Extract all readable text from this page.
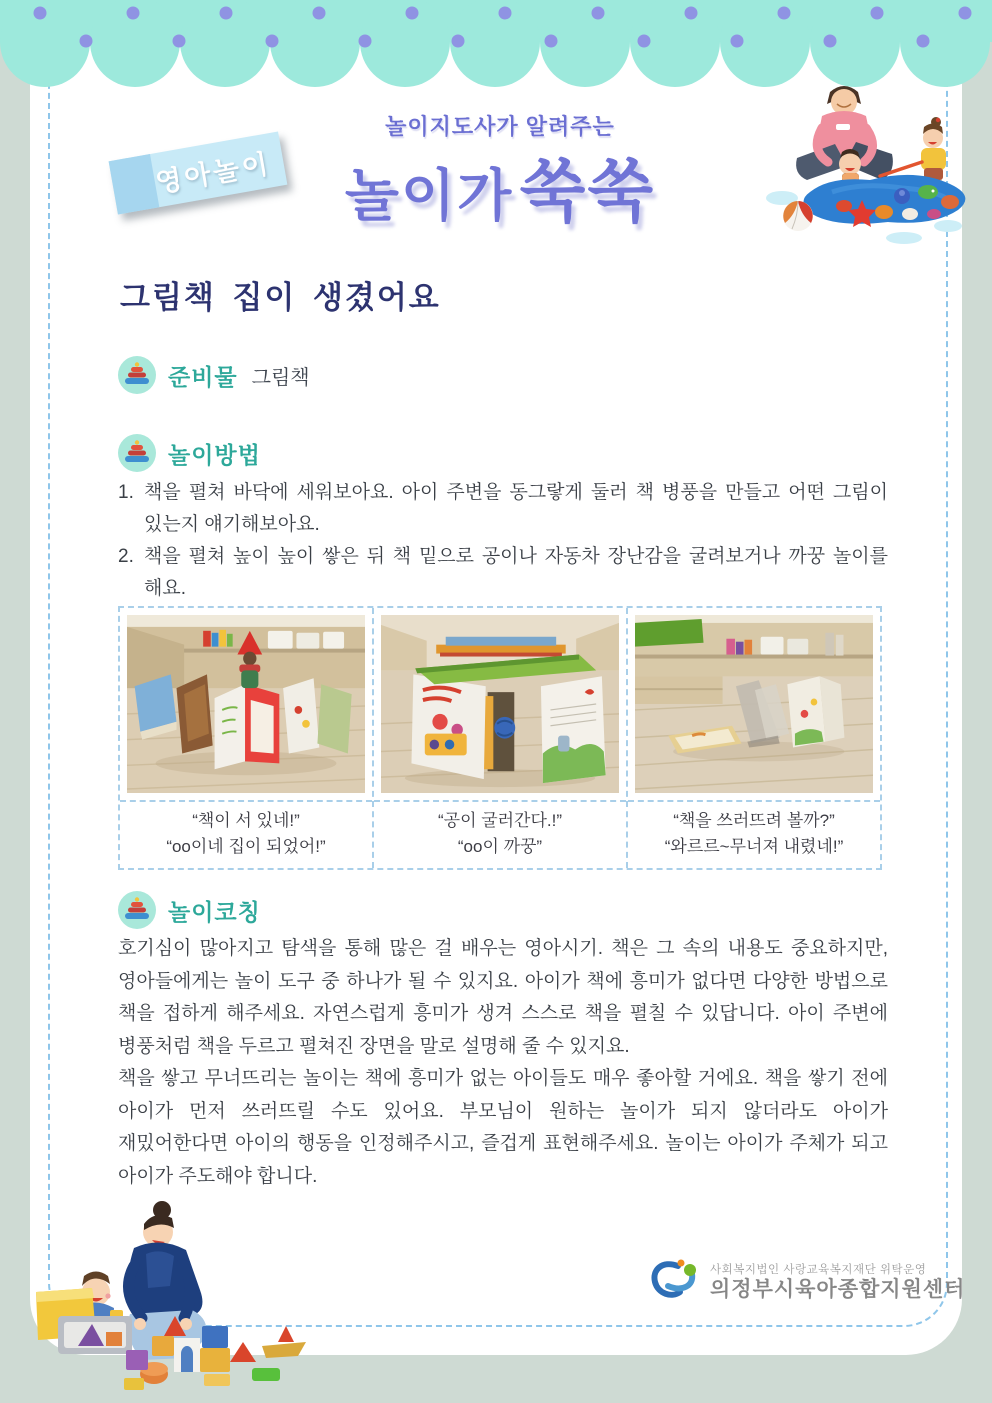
영아놀이
놀이지도사가 알려주는
놀이가 쑥쑥
그림책 집이 생겼어요
준비물 그림책
놀이방법
1. 책을 펼쳐 바닥에 세워보아요. 아이 주변을 동그랗게 둘러 책 병풍을 만들고 어떤 그림이 있는지 얘기해보아요.
2. 책을 펼쳐 높이 높이 쌓은 뒤 책 밑으로 공이나 자동차 장난감을 굴려보거나 까꿍 놀이를 해요.
“책이 서 있네!”
“oo이네 집이 되었어!”
“공이 굴러간다.!”
“oo이 까꿍”
“책을 쓰러뜨려 볼까?”
“와르르~무너져 내렸네!”
놀이코칭

호기심이 많아지고 탐색을 통해 많은 걸 배우는 영아시기. 책은 그 속의 내용도 중요하지만, 영아들에게는 놀이 도구 중 하나가 될 수 있지요. 아이가 책에 흥미가 없다면 다양한 방법으로 책을 접하게 해주세요. 자연스럽게 흥미가 생겨 스스로 책을 펼칠 수 있답니다. 아이 주변에 병풍처럼 책을 두르고 펼쳐진 장면을 말로 설명해 줄 수 있지요.

책을 쌓고 무너뜨리는 놀이는 책에 흥미가 없는 아이들도 매우 좋아할 거에요. 책을 쌓기 전에 아이가 먼저 쓰러뜨릴 수도 있어요. 부모님이 원하는 놀이가 되지 않더라도 아이가 재밌어한다면 아이의 행동을 인정해주시고, 즐겁게 표현해주세요. 놀이는 아이가 주체가 되고 아이가 주도해야 합니다.

사회복지법인 사랑교육복지재단 위탁운영
의정부시육아종합지원센터
